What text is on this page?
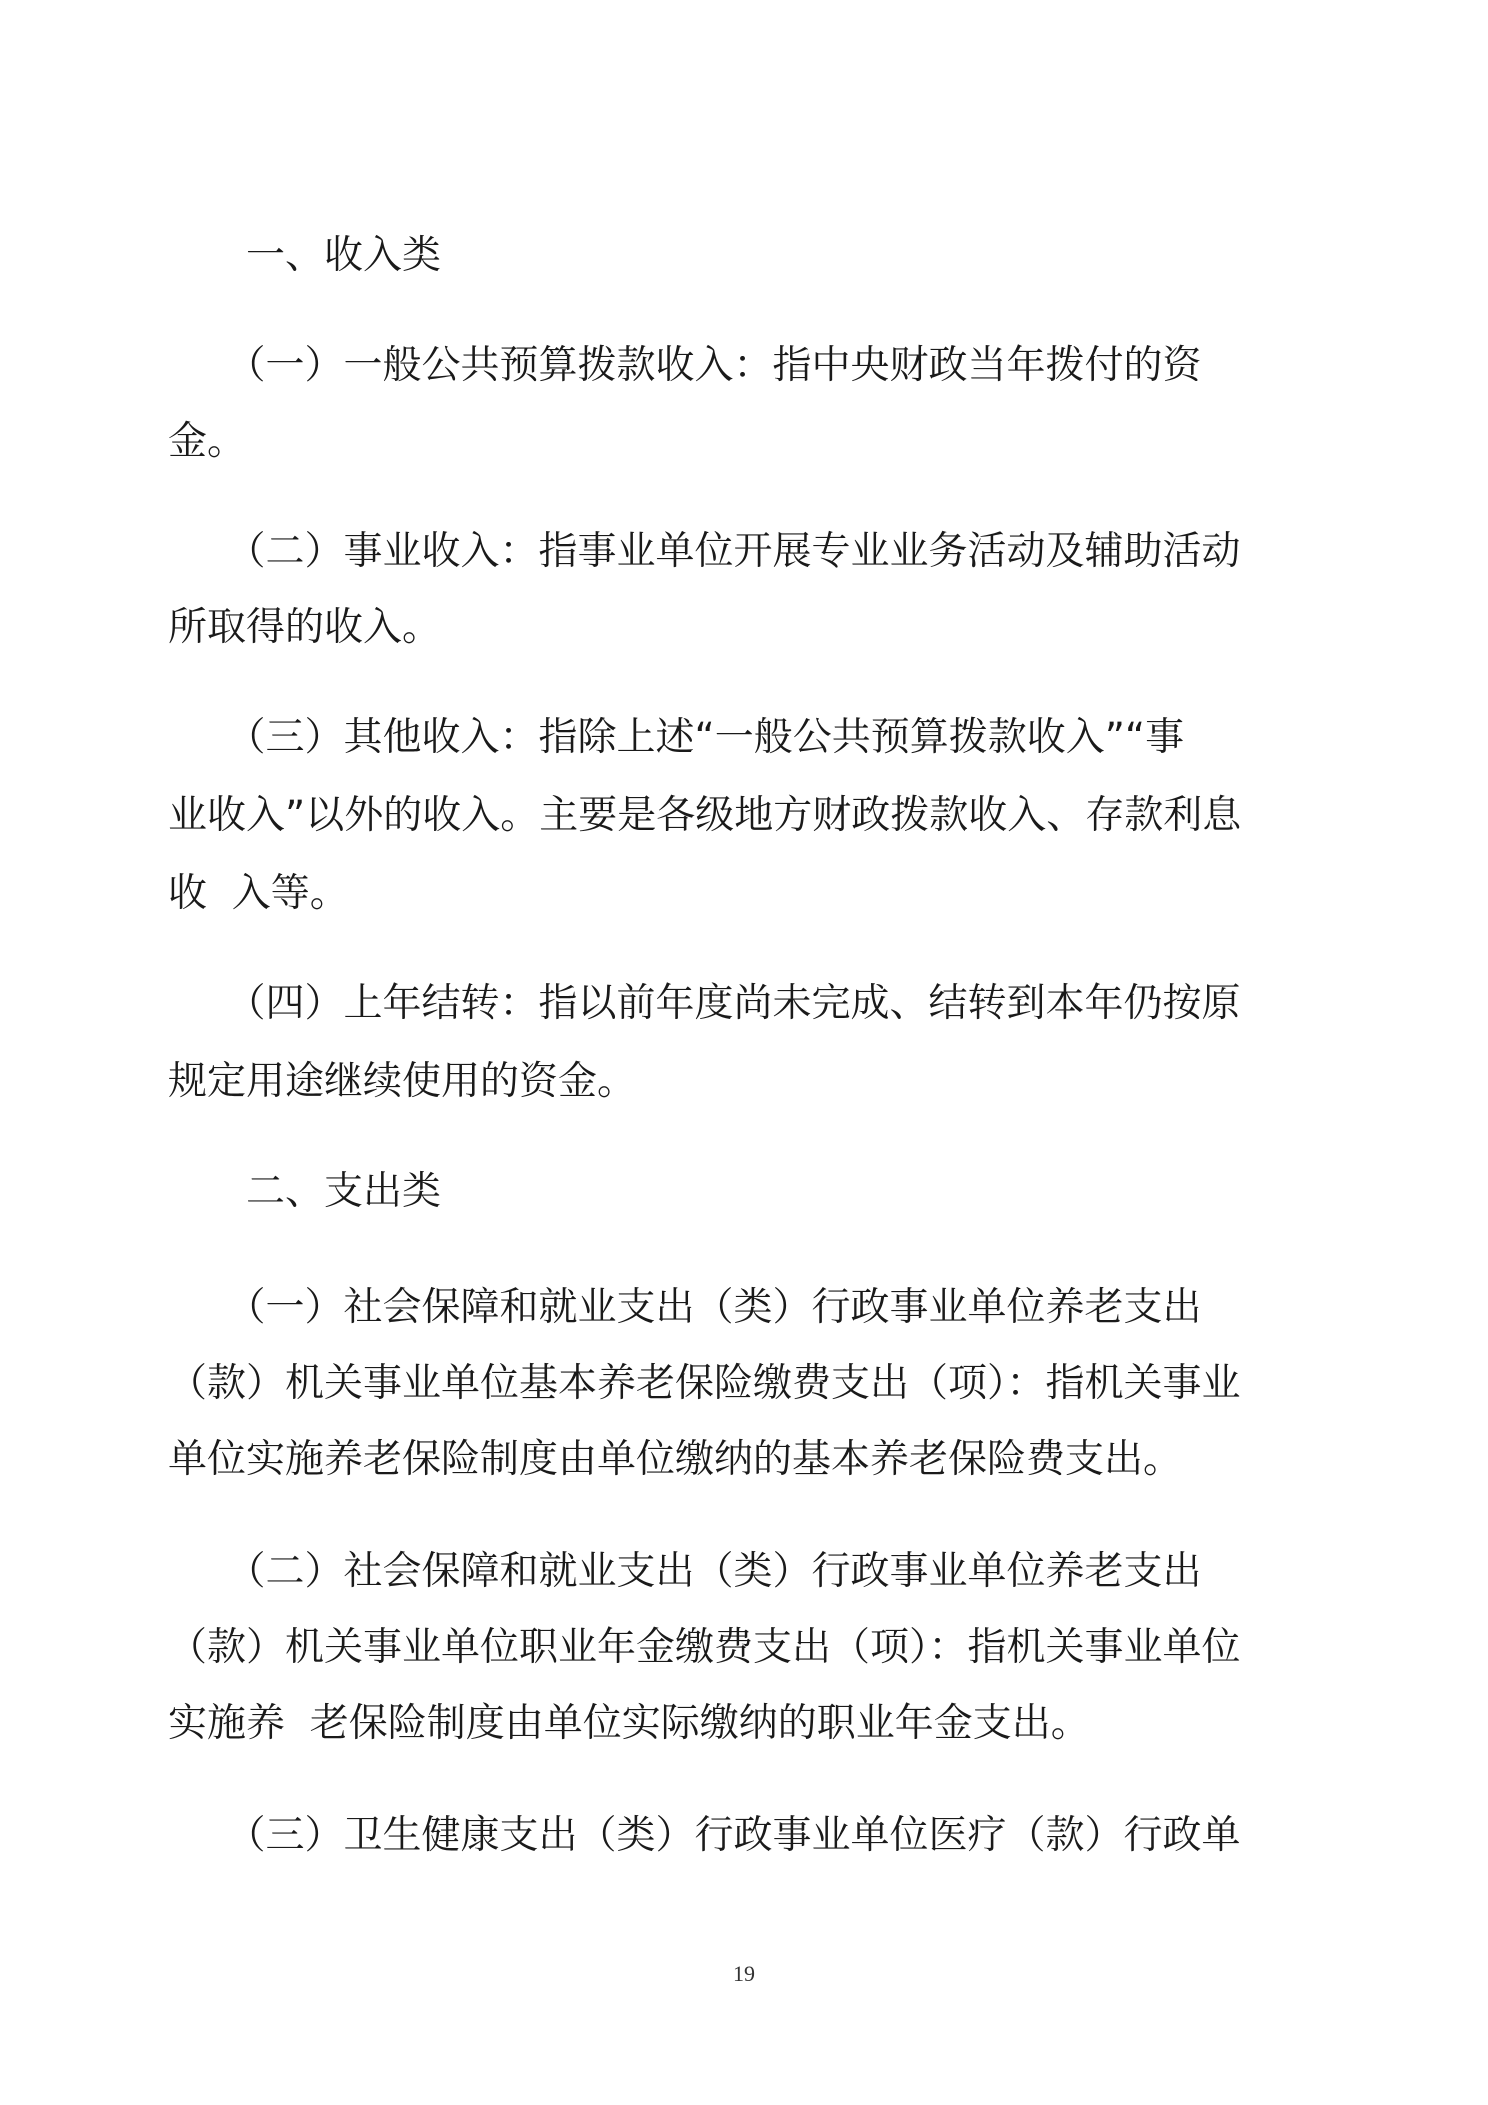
　　一、收入类
　　（一）一般公共预算拨款收入：指中央财政当年拨付的资
金。
　　（二）事业收入：指事业单位开展专业业务活动及辅助活动
所取得的收入。
　　（三）其他收入：指除上述“一般公共预算拨款收入”“事
业收入”以外的收入。主要是各级地方财政拨款收入、存款利息
收  入等。
　　（四）上年结转：指以前年度尚未完成、结转到本年仍按原
规定用途继续使用的资金。
　　二、支出类
　　（一）社会保障和就业支出（类）行政事业单位养老支出
（款）机关事业单位基本养老保险缴费支出（项）：指机关事业
单位实施养老保险制度由单位缴纳的基本养老保险费支出。
　　（二）社会保障和就业支出（类）行政事业单位养老支出
（款）机关事业单位职业年金缴费支出（项）：指机关事业单位
实施养  老保险制度由单位实际缴纳的职业年金支出。
　　（三）卫生健康支出（类）行政事业单位医疗（款）行政单
19
